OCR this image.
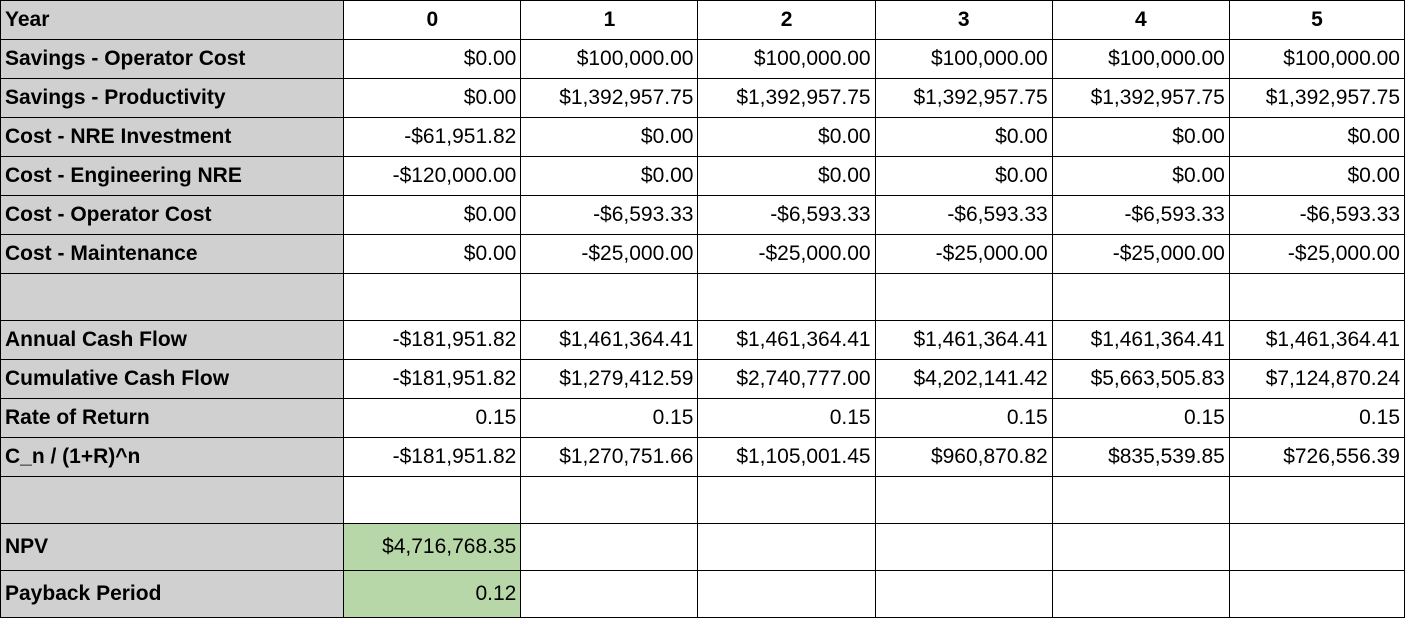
Year	0	1	2	3	4	5
Savings - Operator Cost	$0.00	$100,000.00	$100,000.00	$100,000.00	$100,000.00	$100,000.00
Savings - Productivity	$0.00	$1,392,957.75	$1,392,957.75	$1,392,957.75	$1,392,957.75	$1,392,957.75
Cost - NRE Investment	-$61,951.82	$0.00	$0.00	$0.00	$0.00	$0.00
Cost - Engineering NRE	-$120,000.00	$0.00	$0.00	$0.00	$0.00	$0.00
Cost - Operator Cost	$0.00	-$6,593.33	-$6,593.33	-$6,593.33	-$6,593.33	-$6,593.33
Cost - Maintenance	$0.00	-$25,000.00	-$25,000.00	-$25,000.00	-$25,000.00	-$25,000.00

Annual Cash Flow	-$181,951.82	$1,461,364.41	$1,461,364.41	$1,461,364.41	$1,461,364.41	$1,461,364.41
Cumulative Cash Flow	-$181,951.82	$1,279,412.59	$2,740,777.00	$4,202,141.42	$5,663,505.83	$7,124,870.24
Rate of Return	0.15	0.15	0.15	0.15	0.15	0.15
C_n / (1+R)^n	-$181,951.82	$1,270,751.66	$1,105,001.45	$960,870.82	$835,539.85	$726,556.39

NPV	$4,716,768.35					
Payback Period	0.12					
